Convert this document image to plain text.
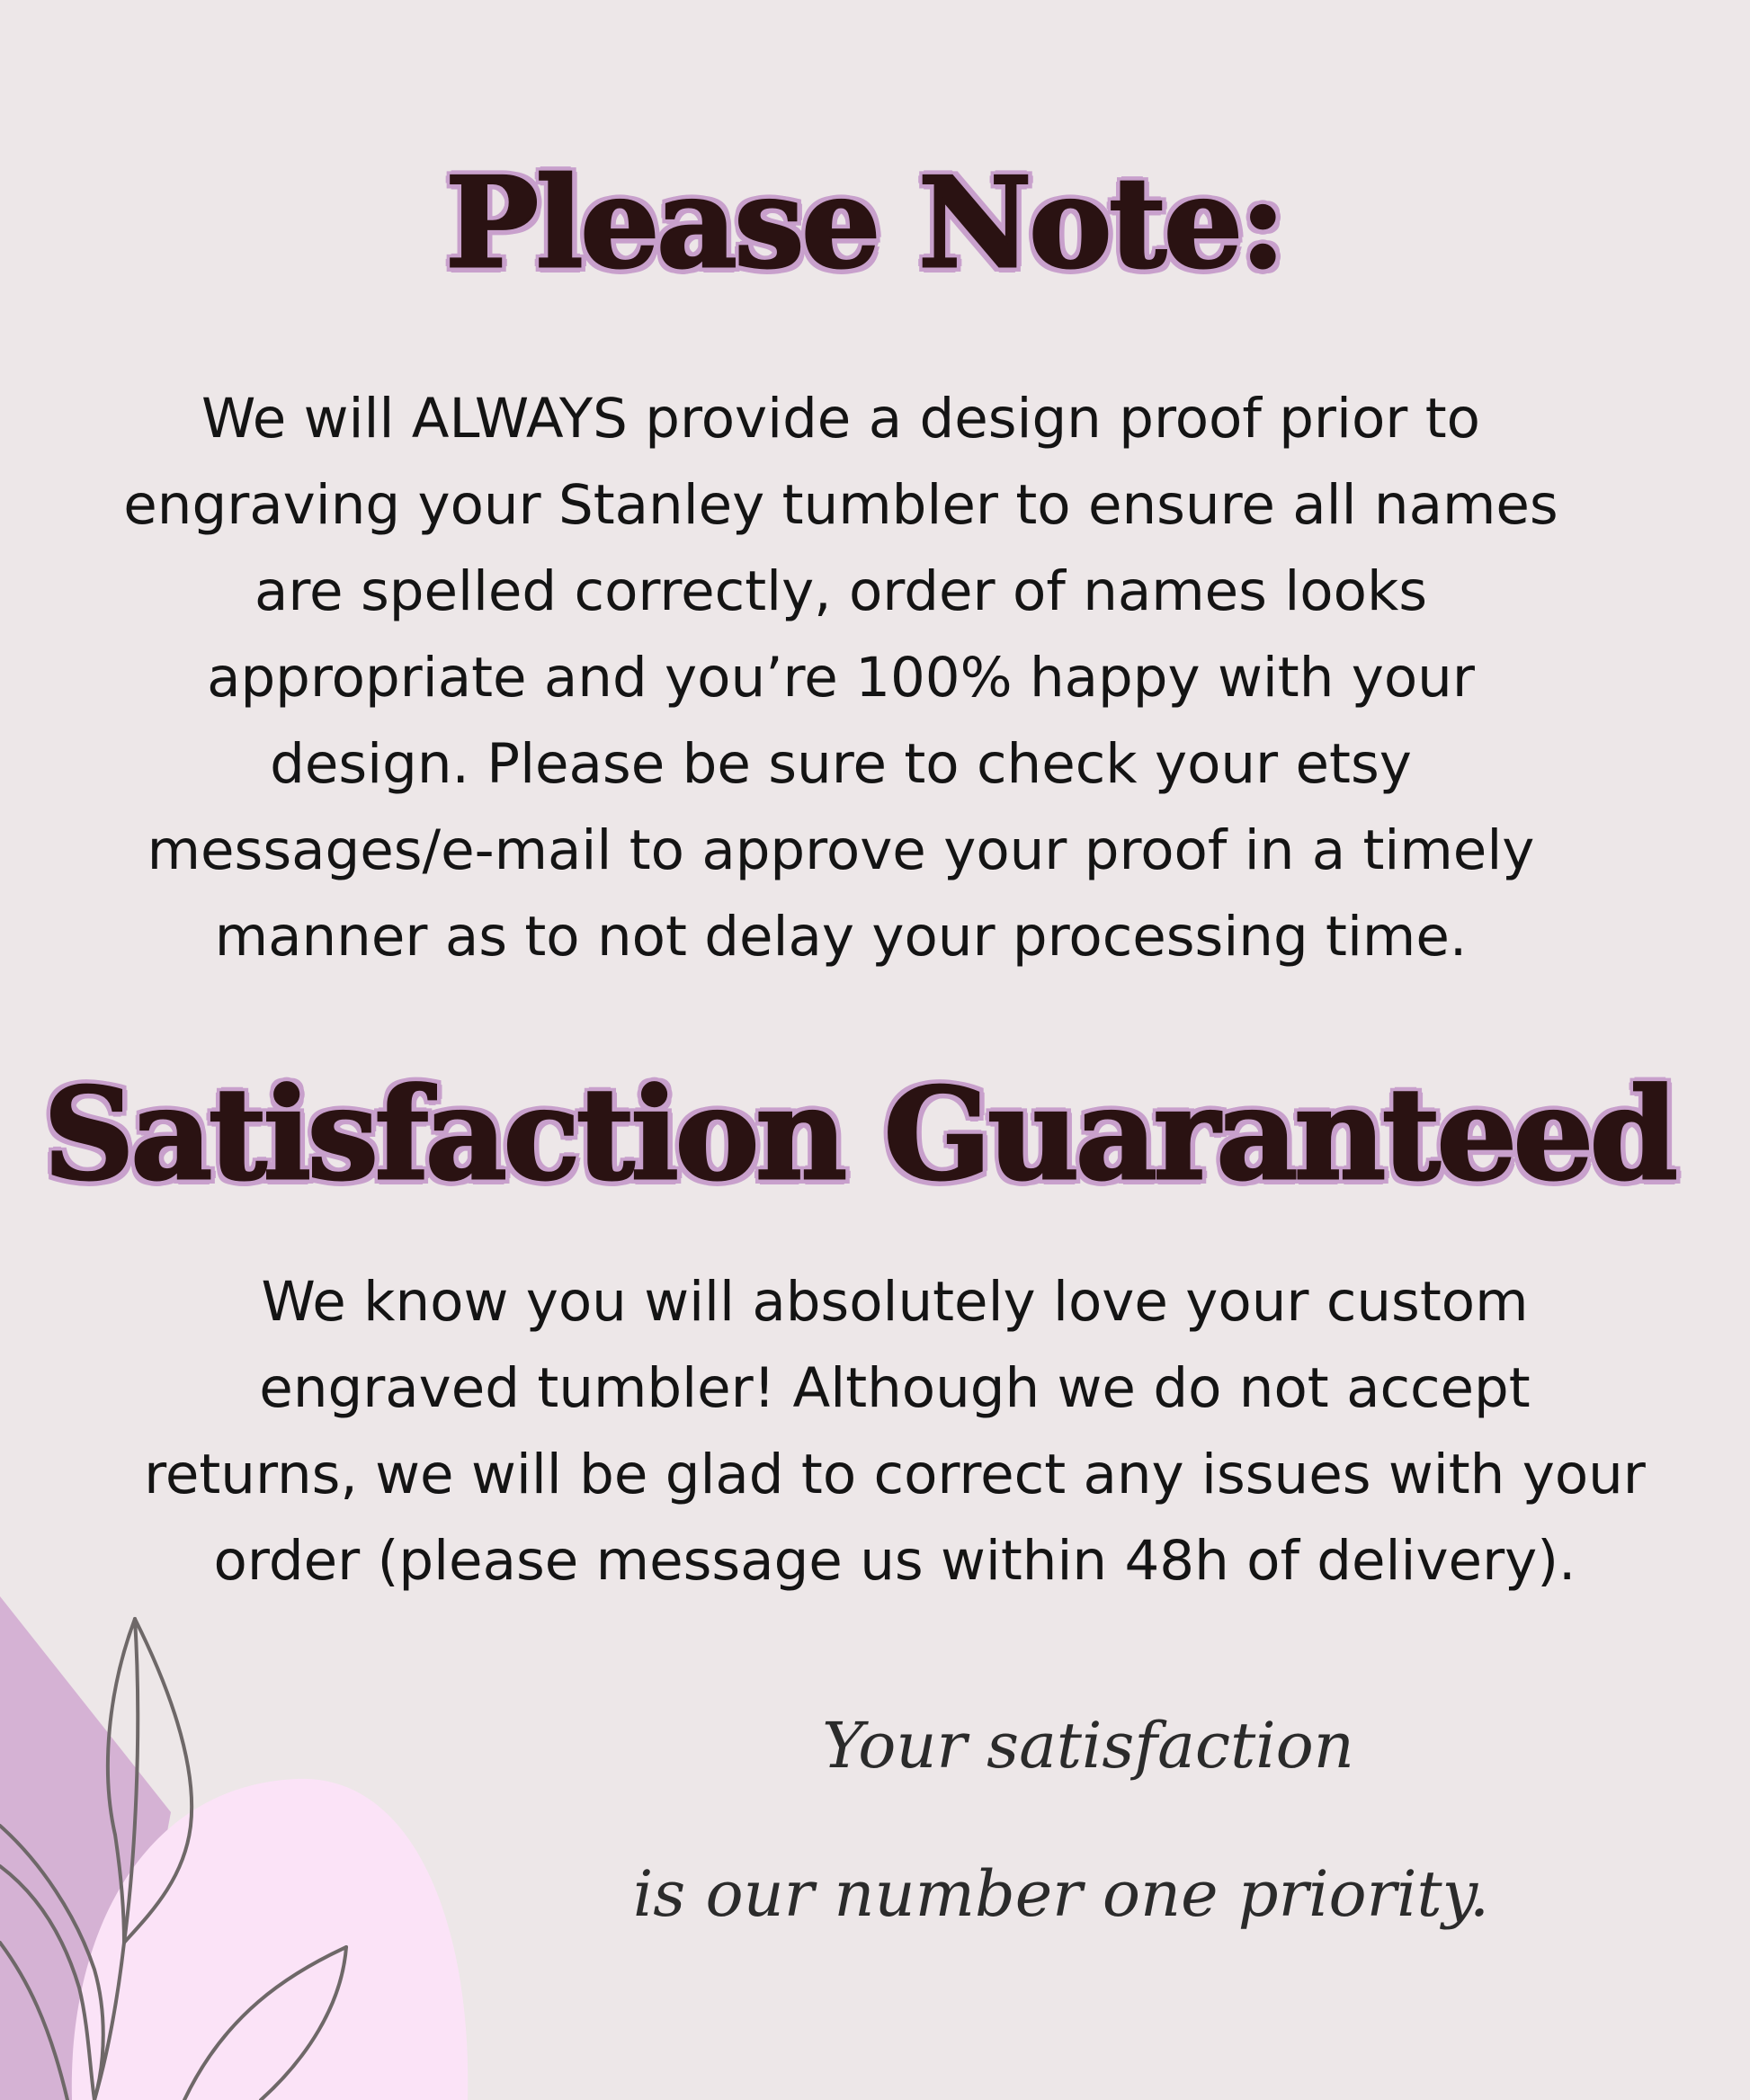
Please Note:
We will ALWAYS provide a design proof prior to
engraving your Stanley tumbler to ensure all names
are spelled correctly, order of names looks
appropriate and you’re 100% happy with your
design. Please be sure to check your etsy
messages/e-mail to approve your proof in a timely
manner as to not delay your processing time.
Satisfaction Guaranteed
We know you will absolutely love your custom
engraved tumbler! Although we do not accept
returns, we will be glad to correct any issues with your
order (please message us within 48h of delivery).
Your satisfaction
is our number one priority.
